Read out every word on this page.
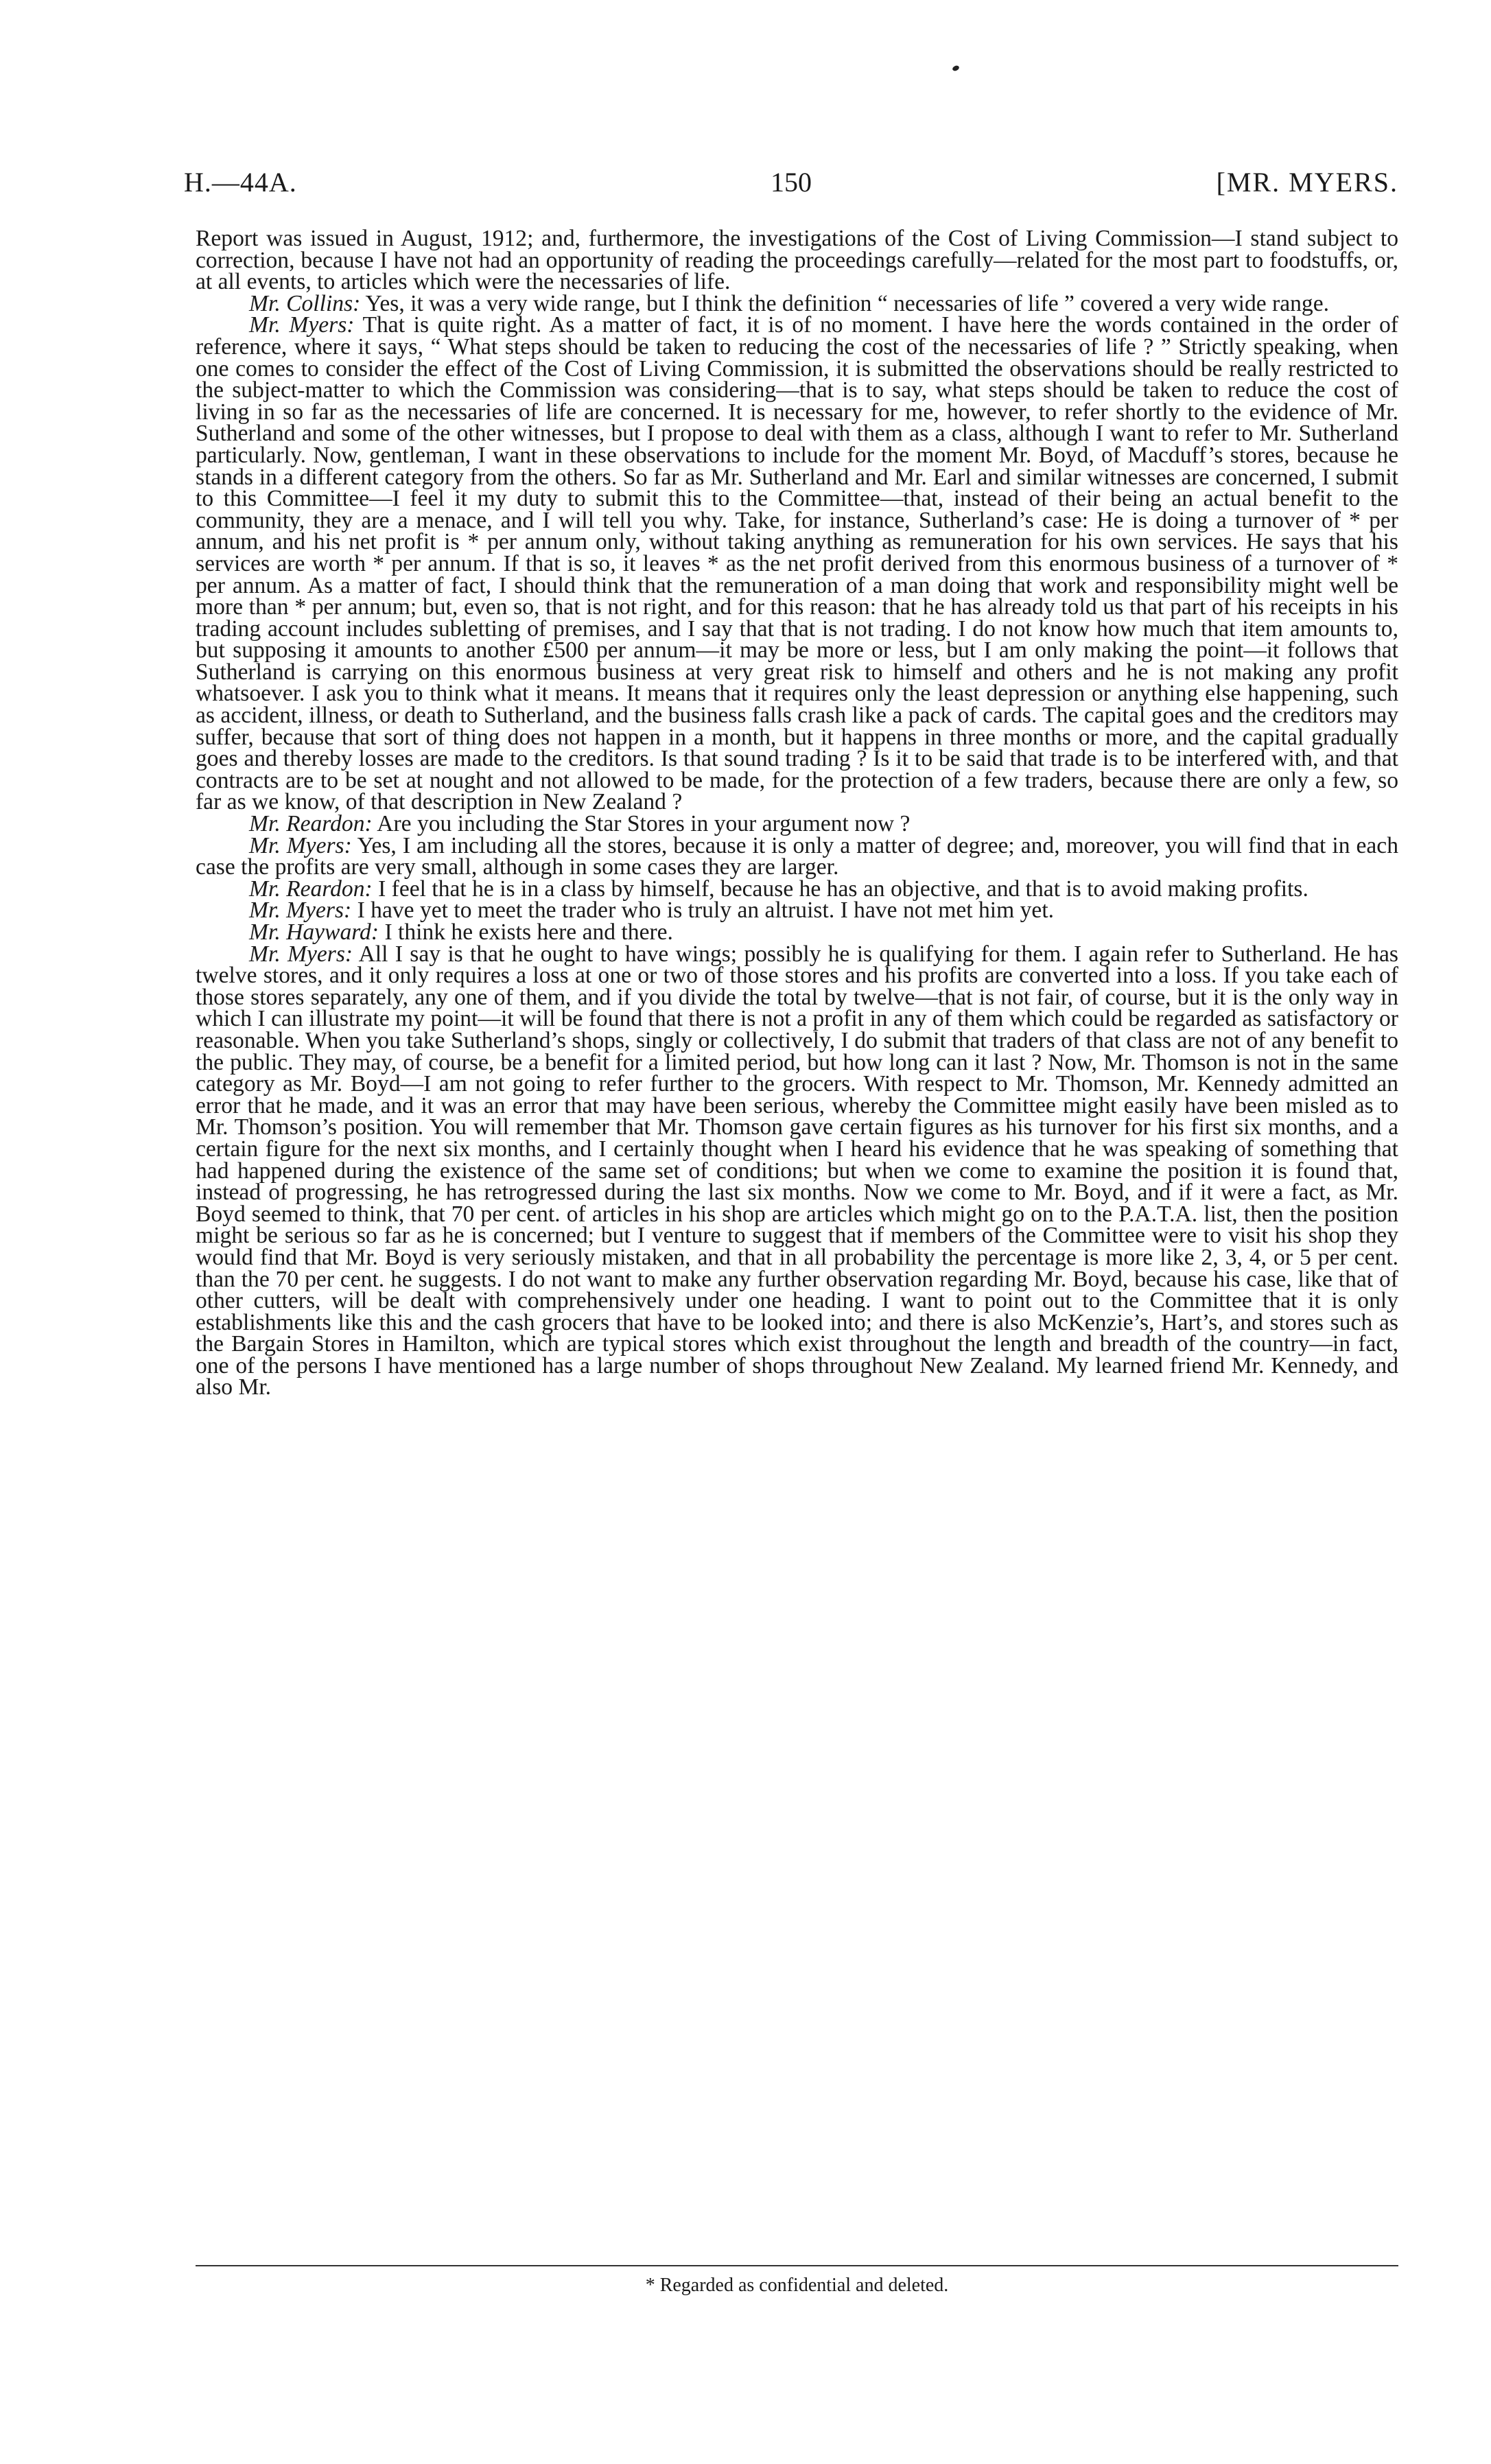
H.—44A.	150	[MR. MYERS.

Report was issued in August, 1912; and, furthermore, the investigations of the Cost of Living Commission—I stand subject to correction, because I have not had an opportunity of reading the proceedings carefully—related for the most part to foodstuffs, or, at all events, to articles which were the necessaries of life.

Mr. Collins: Yes, it was a very wide range, but I think the definition “ necessaries of life ” covered a very wide range.

Mr. Myers: That is quite right. As a matter of fact, it is of no moment. I have here the words contained in the order of reference, where it says, “ What steps should be taken to reducing the cost of the necessaries of life ? ” Strictly speaking, when one comes to consider the effect of the Cost of Living Commission, it is submitted the observations should be really restricted to the subject-matter to which the Commission was considering—that is to say, what steps should be taken to reduce the cost of living in so far as the necessaries of life are concerned. It is necessary for me, however, to refer shortly to the evidence of Mr. Sutherland and some of the other witnesses, but I propose to deal with them as a class, although I want to refer to Mr. Sutherland particularly. Now, gentleman, I want in these observations to include for the moment Mr. Boyd, of Macduff’s stores, because he stands in a different category from the others. So far as Mr. Sutherland and Mr. Earl and similar witnesses are concerned, I submit to this Committee—I feel it my duty to submit this to the Committee—that, instead of their being an actual benefit to the community, they are a menace, and I will tell you why. Take, for instance, Sutherland’s case: He is doing a turnover of * per annum, and his net profit is * per annum only, without taking anything as remuneration for his own services. He says that his services are worth * per annum. If that is so, it leaves * as the net profit derived from this enormous business of a turnover of * per annum. As a matter of fact, I should think that the remuneration of a man doing that work and responsibility might well be more than * per annum; but, even so, that is not right, and for this reason: that he has already told us that part of his receipts in his trading account includes subletting of premises, and I say that that is not trading. I do not know how much that item amounts to, but supposing it amounts to another £500 per annum—it may be more or less, but I am only making the point—it follows that Sutherland is carrying on this enormous business at very great risk to himself and others and he is not making any profit whatsoever. I ask you to think what it means. It means that it requires only the least depression or anything else happening, such as accident, illness, or death to Sutherland, and the business falls crash like a pack of cards. The capital goes and the creditors may suffer, because that sort of thing does not happen in a month, but it happens in three months or more, and the capital gradually goes and thereby losses are made to the creditors. Is that sound trading ? Is it to be said that trade is to be interfered with, and that contracts are to be set at nought and not allowed to be made, for the protection of a few traders, because there are only a few, so far as we know, of that description in New Zealand ?

Mr. Reardon: Are you including the Star Stores in your argument now ?

Mr. Myers: Yes, I am including all the stores, because it is only a matter of degree; and, moreover, you will find that in each case the profits are very small, although in some cases they are larger.

Mr. Reardon: I feel that he is in a class by himself, because he has an objective, and that is to avoid making profits.

Mr. Myers: I have yet to meet the trader who is truly an altruist. I have not met him yet.

Mr. Hayward: I think he exists here and there.

Mr. Myers: All I say is that he ought to have wings; possibly he is qualifying for them. I again refer to Sutherland. He has twelve stores, and it only requires a loss at one or two of those stores and his profits are converted into a loss. If you take each of those stores separately, any one of them, and if you divide the total by twelve—that is not fair, of course, but it is the only way in which I can illustrate my point—it will be found that there is not a profit in any of them which could be regarded as satisfactory or reasonable. When you take Sutherland’s shops, singly or collectively, I do submit that traders of that class are not of any benefit to the public. They may, of course, be a benefit for a limited period, but how long can it last ? Now, Mr. Thomson is not in the same category as Mr. Boyd—I am not going to refer further to the grocers. With respect to Mr. Thomson, Mr. Kennedy admitted an error that he made, and it was an error that may have been serious, whereby the Committee might easily have been misled as to Mr. Thomson’s position. You will remember that Mr. Thomson gave certain figures as his turnover for his first six months, and a certain figure for the next six months, and I certainly thought when I heard his evidence that he was speaking of something that had happened during the existence of the same set of conditions; but when we come to examine the position it is found that, instead of progressing, he has retrogressed during the last six months. Now we come to Mr. Boyd, and if it were a fact, as Mr. Boyd seemed to think, that 70 per cent. of articles in his shop are articles which might go on to the P.A.T.A. list, then the position might be serious so far as he is concerned; but I venture to suggest that if members of the Committee were to visit his shop they would find that Mr. Boyd is very seriously mistaken, and that in all probability the percentage is more like 2, 3, 4, or 5 per cent. than the 70 per cent. he suggests. I do not want to make any further observation regarding Mr. Boyd, because his case, like that of other cutters, will be dealt with comprehensively under one heading. I want to point out to the Committee that it is only establishments like this and the cash grocers that have to be looked into; and there is also McKenzie’s, Hart’s, and stores such as the Bargain Stores in Hamilton, which are typical stores which exist throughout the length and breadth of the country—in fact, one of the persons I have mentioned has a large number of shops throughout New Zealand. My learned friend Mr. Kennedy, and also Mr.

* Regarded as confidential and deleted.
